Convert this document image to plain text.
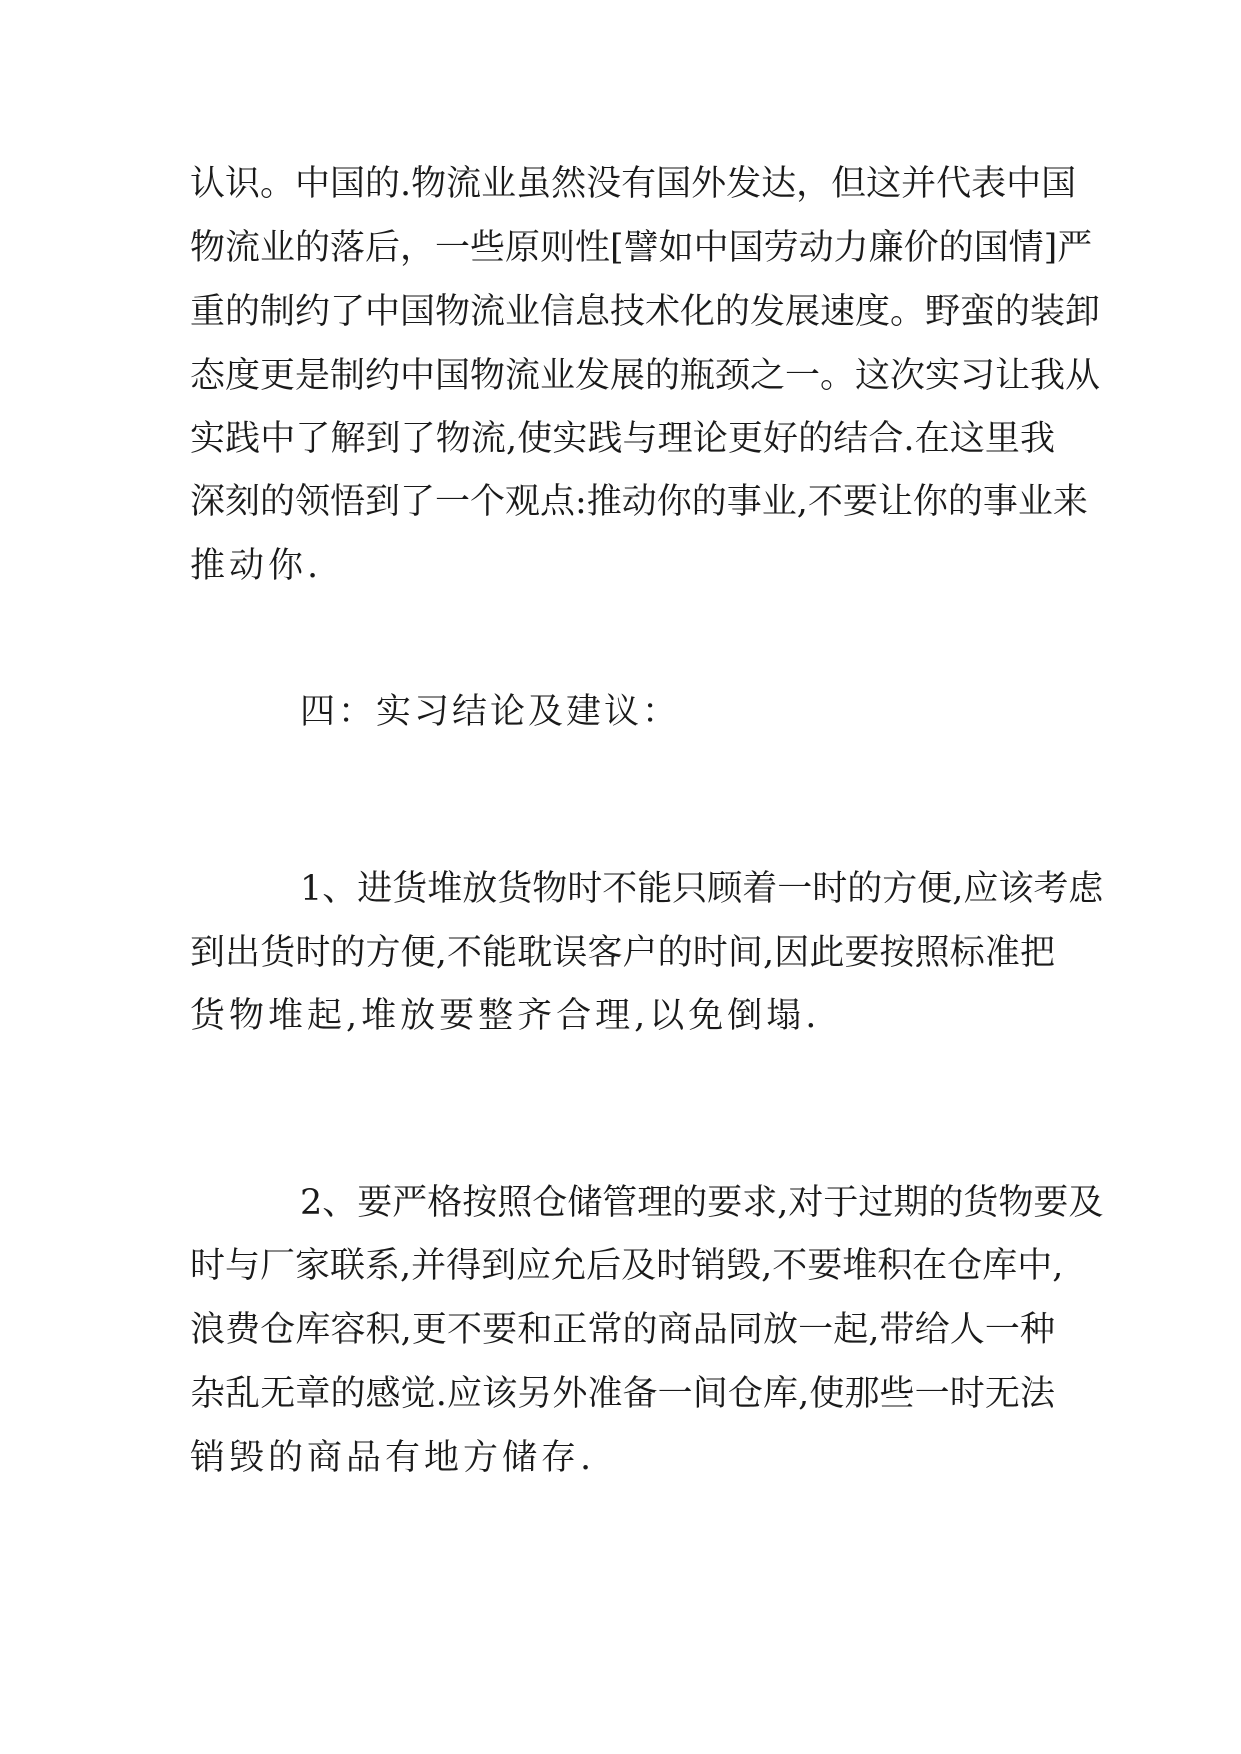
认识。中国的.物流业虽然没有国外发达，但这并代表中国
物流业的落后，一些原则性[譬如中国劳动力廉价的国情]严
重的制约了中国物流业信息技术化的发展速度。野蛮的装卸
态度更是制约中国物流业发展的瓶颈之一。这次实习让我从
实践中了解到了物流,使实践与理论更好的结合.在这里我
深刻的领悟到了一个观点:推动你的事业,不要让你的事业来
推动你.
四：实习结论及建议：
1、进货堆放货物时不能只顾着一时的方便,应该考虑
到出货时的方便,不能耽误客户的时间,因此要按照标准把
货物堆起,堆放要整齐合理,以免倒塌.
2、要严格按照仓储管理的要求,对于过期的货物要及
时与厂家联系,并得到应允后及时销毁,不要堆积在仓库中,
浪费仓库容积,更不要和正常的商品同放一起,带给人一种
杂乱无章的感觉.应该另外准备一间仓库,使那些一时无法
销毁的商品有地方储存.
